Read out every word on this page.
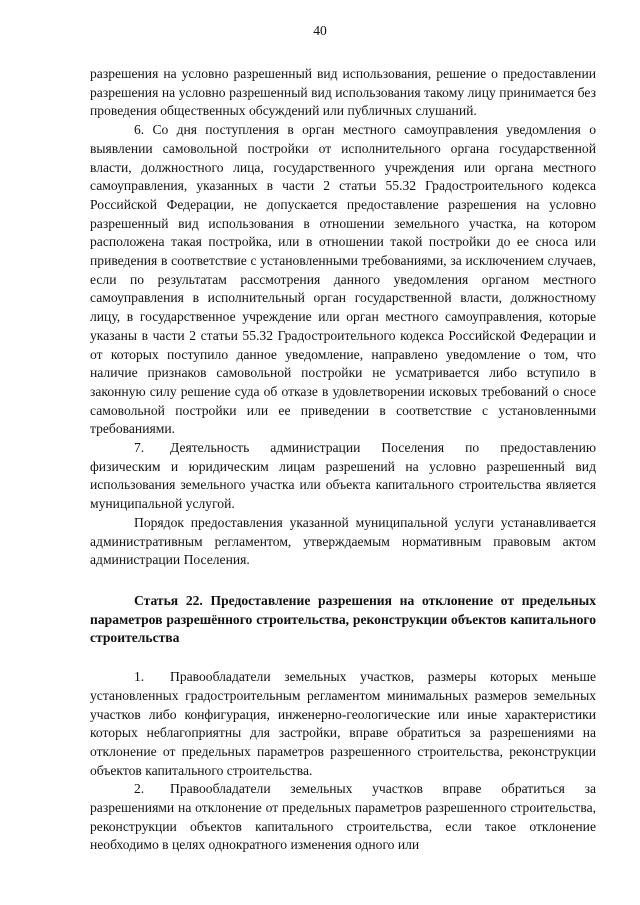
40

разрешения на условно разрешенный вид использования, решение о предоставлении разрешения на условно разрешенный вид использования такому лицу принимается без проведения общественных обсуждений или публичных слушаний.

6. Со дня поступления в орган местного самоуправления уведомления о выявлении самовольной постройки от исполнительного органа государственной власти, должностного лица, государственного учреждения или органа местного самоуправления, указанных в части 2 статьи 55.32 Градостроительного кодекса Российской Федерации, не допускается предоставление разрешения на условно разрешенный вид использования в отношении земельного участка, на котором расположена такая постройка, или в отношении такой постройки до ее сноса или приведения в соответствие с установленными требованиями, за исключением случаев, если по результатам рассмотрения данного уведомления органом местного самоуправления в исполнительный орган государственной власти, должностному лицу, в государственное учреждение или орган местного самоуправления, которые указаны в части 2 статьи 55.32 Градостроительного кодекса Российской Федерации и от которых поступило данное уведомление, направлено уведомление о том, что наличие признаков самовольной постройки не усматривается либо вступило в законную силу решение суда об отказе в удовлетворении исковых требований о сносе самовольной постройки или ее приведении в соответствие с установленными требованиями.

7. Деятельность администрации Поселения по предоставлению физическим и юридическим лицам разрешений на условно разрешенный вид использования земельного участка или объекта капитального строительства является муниципальной услугой.

Порядок предоставления указанной муниципальной услуги устанавливается административным регламентом, утверждаемым нормативным правовым актом администрации Поселения.

Статья 22. Предоставление разрешения на отклонение от предельных параметров разрешённого строительства, реконструкции объектов капитального строительства

1. Правообладатели земельных участков, размеры которых меньше установленных градостроительным регламентом минимальных размеров земельных участков либо конфигурация, инженерно-геологические или иные характеристики которых неблагоприятны для застройки, вправе обратиться за разрешениями на отклонение от предельных параметров разрешенного строительства, реконструкции объектов капитального строительства.

2. Правообладатели земельных участков вправе обратиться за разрешениями на отклонение от предельных параметров разрешенного строительства, реконструкции объектов капитального строительства, если такое отклонение необходимо в целях однократного изменения одного или
